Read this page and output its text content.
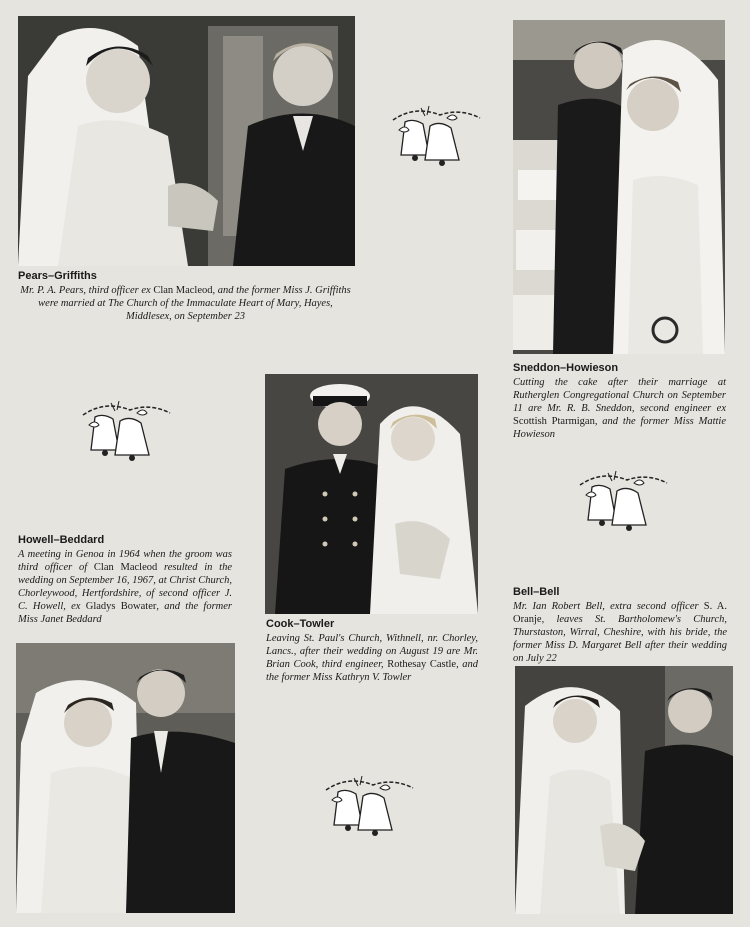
Pears–Griffiths

Mr. P. A. Pears, third officer ex Clan Macleod, and the former Miss J. Griffiths were married at The Church of the Immaculate Heart of Mary, Hayes, Middlesex, on September 23

Sneddon–Howieson

Cutting the cake after their marriage at Rutherglen Congregational Church on September 11 are Mr. R. B. Sneddon, second engineer ex Scottish Ptarmigan, and the former Miss Mattie Howieson

Howell–Beddard

A meeting in Genoa in 1964 when the groom was third officer of Clan Macleod resulted in the wedding on September 16, 1967, at Christ Church, Chorleywood, Hertfordshire, of second officer J. C. Howell, ex Gladys Bowater, and the former Miss Janet Beddard	Cook–Towler

Leaving St. Paul's Church, Withnell, nr. Chorley, Lancs., after their wedding on August 19 are Mr. Brian Cook, third engineer, Rothesay Castle, and the former Miss Kathryn V. Towler

Bell–Bell

Mr. Ian Robert Bell, extra second officer S. A. Oranje, leaves St. Bartholomew's Church, Thurstaston, Wirral, Cheshire, with his bride, the former Miss D. Margaret Bell after their wedding on July 22
